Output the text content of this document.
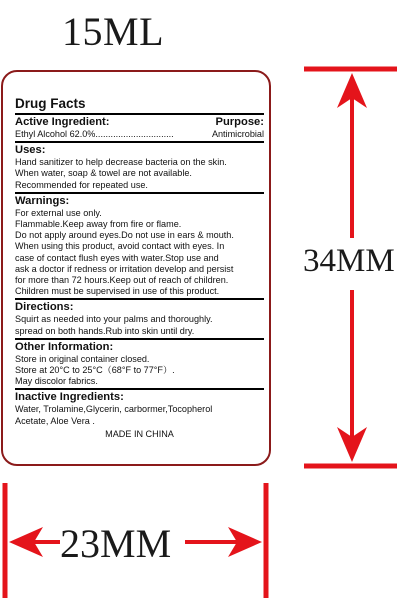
15ML
Drug Facts
Active Ingredient:	Purpose:
Ethyl Alcohol 62.0%...............................	Antimicrobial
Uses:
Hand sanitizer to help decrease bacteria on the skin.
When water, soap & towel are not available.
Recommended for repeated use.
Warnings:
For external use only.
Flammable.Keep away from fire or flame.
Do not apply around eyes.Do not use in ears & mouth.
When using this product, avoid contact with eyes. In
case of contact flush eyes with water.Stop use and
ask a doctor if redness or irritation develop and persist
for more than 72 hours.Keep out of reach of children.
Children must be supervised in use of this product.
Directions:
Squirt as needed into your palms and thoroughly.
spread on both hands.Rub into skin until dry.
Other Information:
Store in original container closed.
Store at 20°C to 25°C（68°F to 77°F）.
May discolor fabrics.
Inactive Ingredients:
Water, Trolamine,Glycerin, carbormer,Tocopherol
Acetate, Aloe Vera .
MADE IN CHINA
34MM
23MM
